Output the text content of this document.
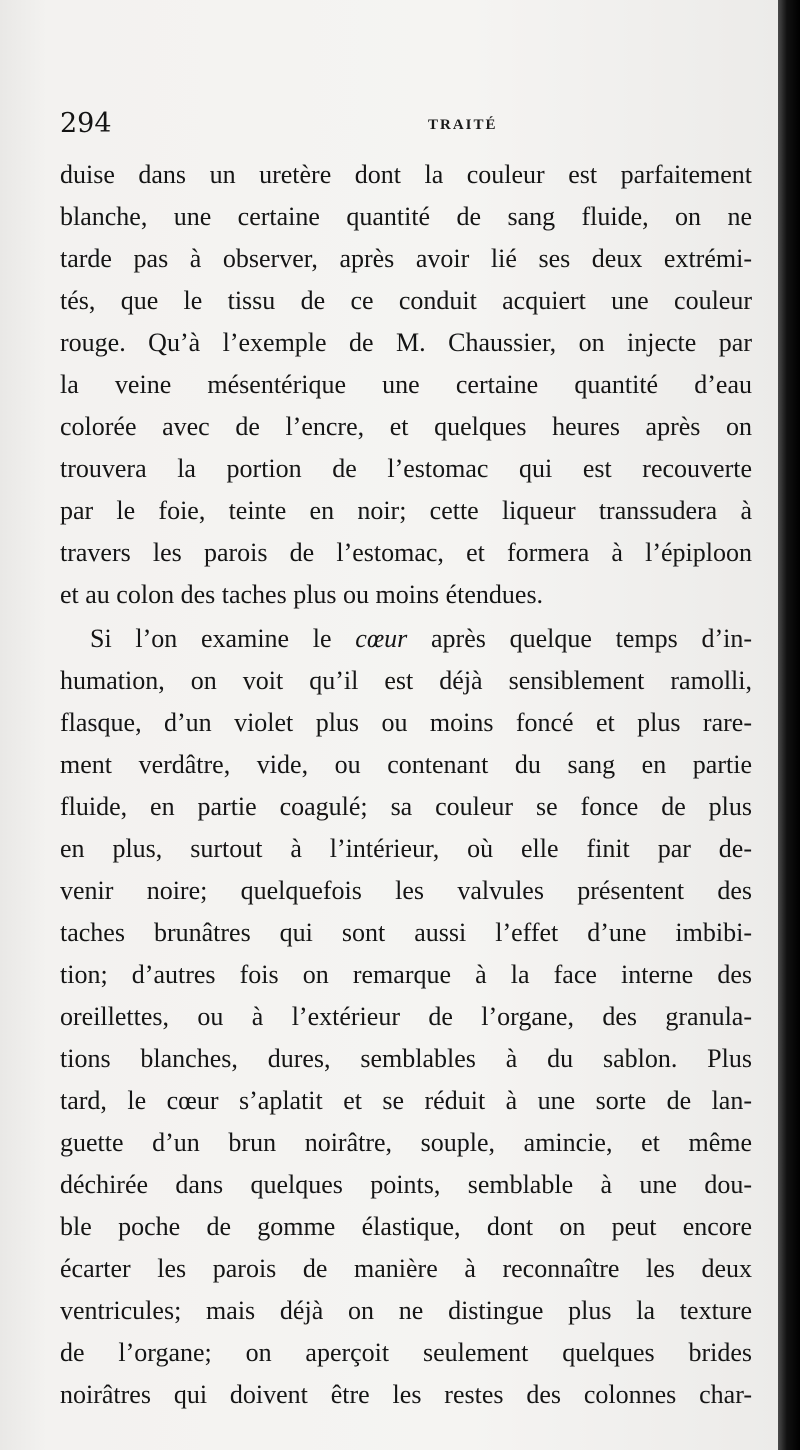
294	TRAITÉ
duise dans un uretère dont la couleur est parfaitement
blanche, une certaine quantité de sang fluide, on ne
tarde pas à observer, après avoir lié ses deux extrémi-
tés, que le tissu de ce conduit acquiert une couleur
rouge. Qu’à l’exemple de M. Chaussier, on injecte par
la veine mésentérique une certaine quantité d’eau
colorée avec de l’encre, et quelques heures après on
trouvera la portion de l’estomac qui est recouverte
par le foie, teinte en noir; cette liqueur transsudera à
travers les parois de l’estomac, et formera à l’épiploon
et au colon des taches plus ou moins étendues.
Si l’on examine le cœur après quelque temps d’in-
humation, on voit qu’il est déjà sensiblement ramolli,
flasque, d’un violet plus ou moins foncé et plus rare-
ment verdâtre, vide, ou contenant du sang en partie
fluide, en partie coagulé; sa couleur se fonce de plus
en plus, surtout à l’intérieur, où elle finit par de-
venir noire; quelquefois les valvules présentent des
taches brunâtres qui sont aussi l’effet d’une imbibi-
tion; d’autres fois on remarque à la face interne des
oreillettes, ou à l’extérieur de l’organe, des granula-
tions blanches, dures, semblables à du sablon. Plus
tard, le cœur s’aplatit et se réduit à une sorte de lan-
guette d’un brun noirâtre, souple, amincie, et même
déchirée dans quelques points, semblable à une dou-
ble poche de gomme élastique, dont on peut encore
écarter les parois de manière à reconnaître les deux
ventricules; mais déjà on ne distingue plus la texture
de l’organe; on aperçoit seulement quelques brides
noirâtres qui doivent être les restes des colonnes char-
